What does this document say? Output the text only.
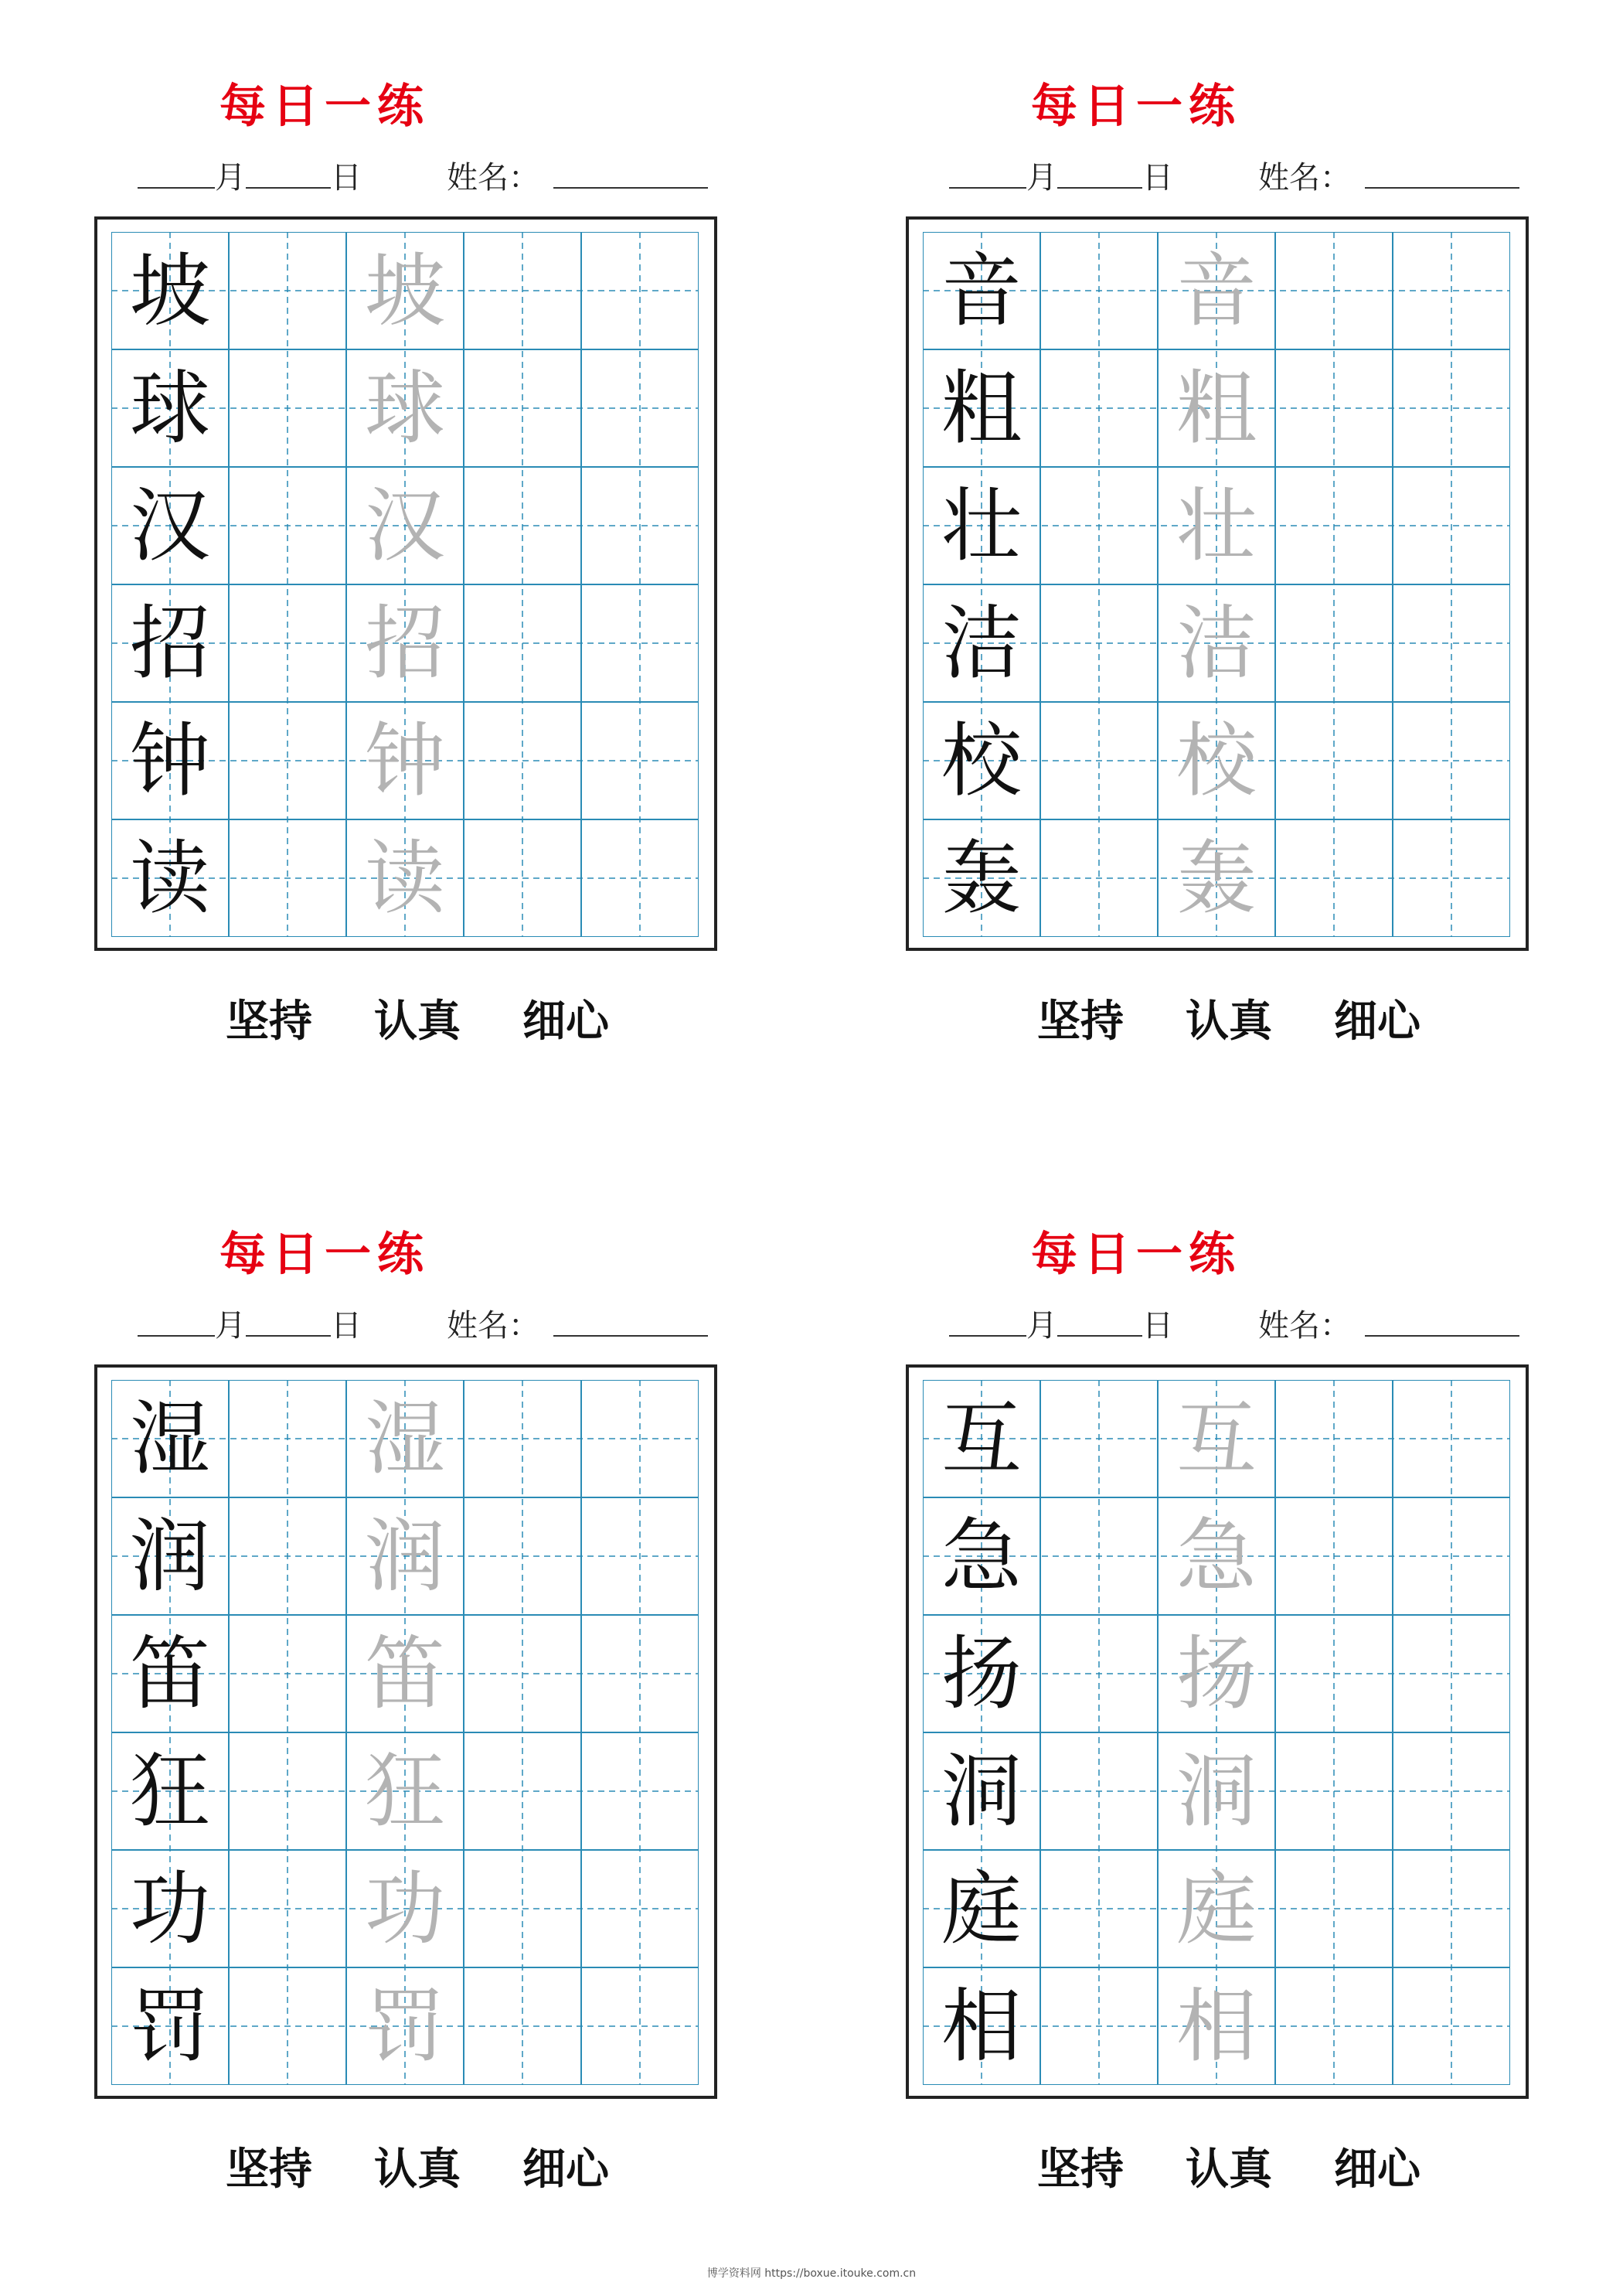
每日一练
月	日	姓名：
坡 坡
球 球
汉 汉
招 招
钟 钟
读 读
坚持 认真 细心
每日一练
月	日	姓名：
音 音
粗 粗
壮 壮
洁 洁
校 校
轰 轰
坚持 认真 细心
每日一练
月	日	姓名：
湿 湿
润 润
笛 笛
狂 狂
功 功
罚 罚
坚持 认真 细心
每日一练
月	日	姓名：
互 互
急 急
扬 扬
洞 洞
庭 庭
相 相
坚持 认真 细心
博学资料网 https://boxue.itouke.com.cn
